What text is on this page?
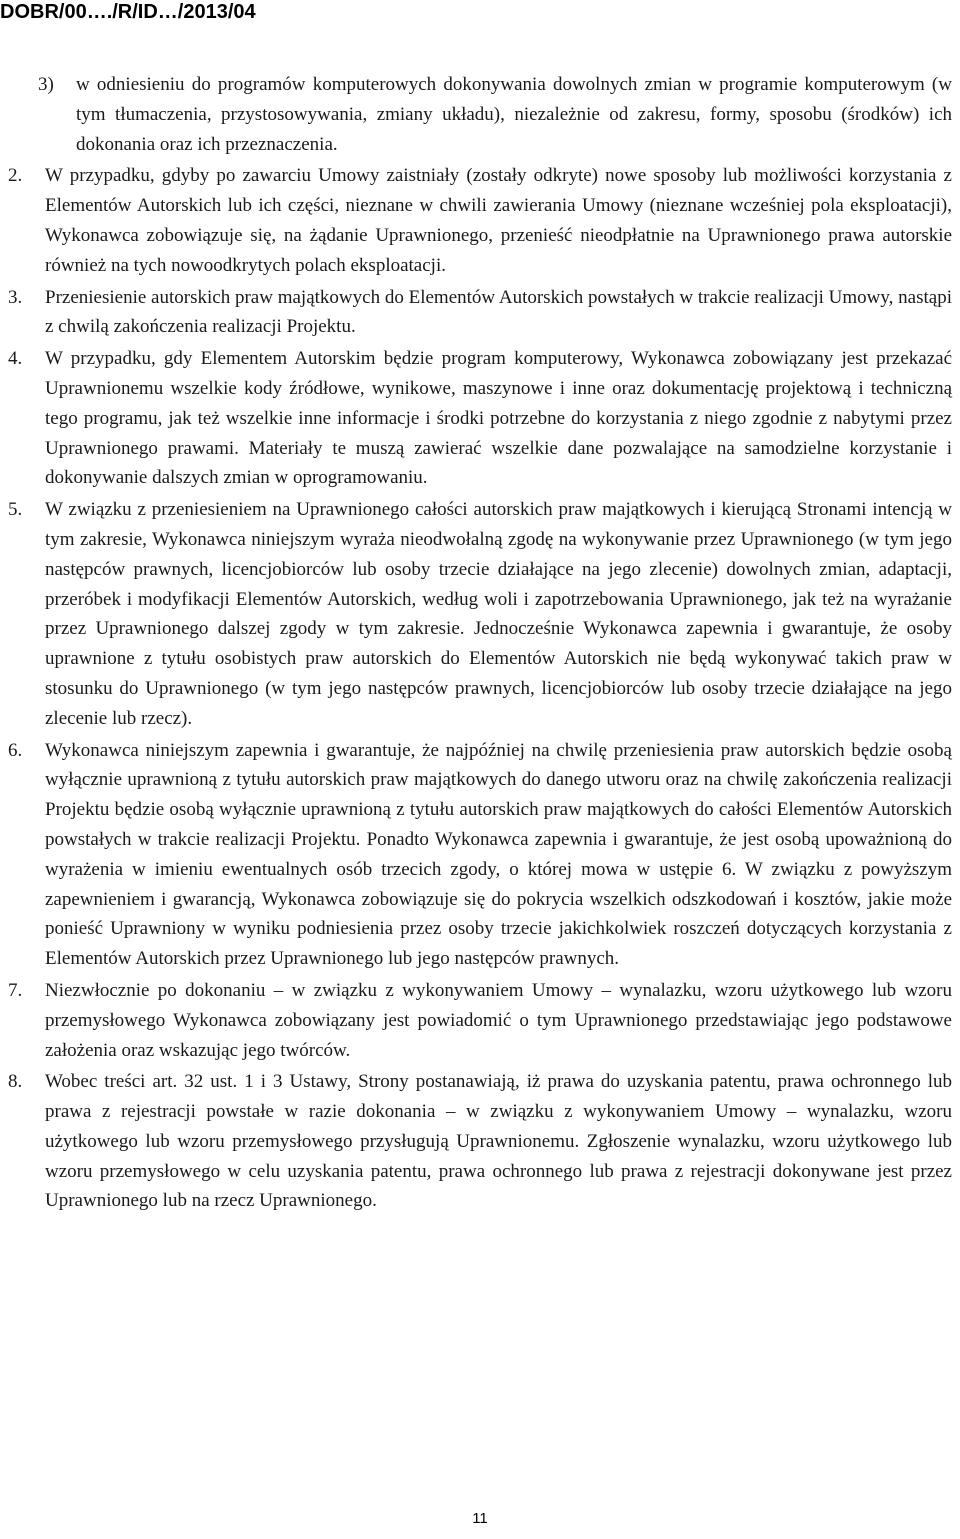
DOBR/00…./R/ID…/2013/04
3) w odniesieniu do programów komputerowych dokonywania dowolnych zmian w programie komputerowym (w tym tłumaczenia, przystosowywania, zmiany układu), niezależnie od zakresu, formy, sposobu (środków) ich dokonania oraz ich przeznaczenia.
2. W przypadku, gdyby po zawarciu Umowy zaistniały (zostały odkryte) nowe sposoby lub możliwości korzystania z Elementów Autorskich lub ich części, nieznane w chwili zawierania Umowy (nieznane wcześniej pola eksploatacji), Wykonawca zobowiązuje się, na żądanie Uprawnionego, przenieść nieodpłatnie na Uprawnionego prawa autorskie również na tych nowoodkrytych polach eksploatacji.
3. Przeniesienie autorskich praw majątkowych do Elementów Autorskich powstałych w trakcie realizacji Umowy, nastąpi z chwilą zakończenia realizacji Projektu.
4. W przypadku, gdy Elementem Autorskim będzie program komputerowy, Wykonawca zobowiązany jest przekazać Uprawnionemu wszelkie kody źródłowe, wynikowe, maszynowe i inne oraz dokumentację projektową i techniczną tego programu, jak też wszelkie inne informacje i środki potrzebne do korzystania z niego zgodnie z nabytymi przez Uprawnionego prawami. Materiały te muszą zawierać wszelkie dane pozwalające na samodzielne korzystanie i dokonywanie dalszych zmian w oprogramowaniu.
5. W związku z przeniesieniem na Uprawnionego całości autorskich praw majątkowych i kierującą Stronami intencją w tym zakresie, Wykonawca niniejszym wyraża nieodwołalną zgodę na wykonywanie przez Uprawnionego (w tym jego następców prawnych, licencjobiorców lub osoby trzecie działające na jego zlecenie) dowolnych zmian, adaptacji, przeróbek i modyfikacji Elementów Autorskich, według woli i zapotrzebowania Uprawnionego, jak też na wyrażanie przez Uprawnionego dalszej zgody w tym zakresie. Jednocześnie Wykonawca zapewnia i gwarantuje, że osoby uprawnione z tytułu osobistych praw autorskich do Elementów Autorskich nie będą wykonywać takich praw w stosunku do Uprawnionego (w tym jego następców prawnych, licencjobiorców lub osoby trzecie działające na jego zlecenie lub rzecz).
6. Wykonawca niniejszym zapewnia i gwarantuje, że najpóźniej na chwilę przeniesienia praw autorskich będzie osobą wyłącznie uprawnioną z tytułu autorskich praw majątkowych do danego utworu oraz na chwilę zakończenia realizacji Projektu będzie osobą wyłącznie uprawnioną z tytułu autorskich praw majątkowych do całości Elementów Autorskich powstałych w trakcie realizacji Projektu. Ponadto Wykonawca zapewnia i gwarantuje, że jest osobą upoważnioną do wyrażenia w imieniu ewentualnych osób trzecich zgody, o której mowa w ustępie 6. W związku z powyższym zapewnieniem i gwarancją, Wykonawca zobowiązuje się do pokrycia wszelkich odszkodowań i kosztów, jakie może ponieść Uprawniony w wyniku podniesienia przez osoby trzecie jakichkolwiek roszczeń dotyczących korzystania z Elementów Autorskich przez Uprawnionego lub jego następców prawnych.
7. Niezwłocznie po dokonaniu – w związku z wykonywaniem Umowy – wynalazku, wzoru użytkowego lub wzoru przemysłowego Wykonawca zobowiązany jest powiadomić o tym Uprawnionego przedstawiając jego podstawowe założenia oraz wskazując jego twórców.
8. Wobec treści art. 32 ust. 1 i 3 Ustawy, Strony postanawiają, iż prawa do uzyskania patentu, prawa ochronnego lub prawa z rejestracji powstałe w razie dokonania – w związku z wykonywaniem Umowy – wynalazku, wzoru użytkowego lub wzoru przemysłowego przysługują Uprawnionemu. Zgłoszenie wynalazku, wzoru użytkowego lub wzoru przemysłowego w celu uzyskania patentu, prawa ochronnego lub prawa z rejestracji dokonywane jest przez Uprawnionego lub na rzecz Uprawnionego.
11
